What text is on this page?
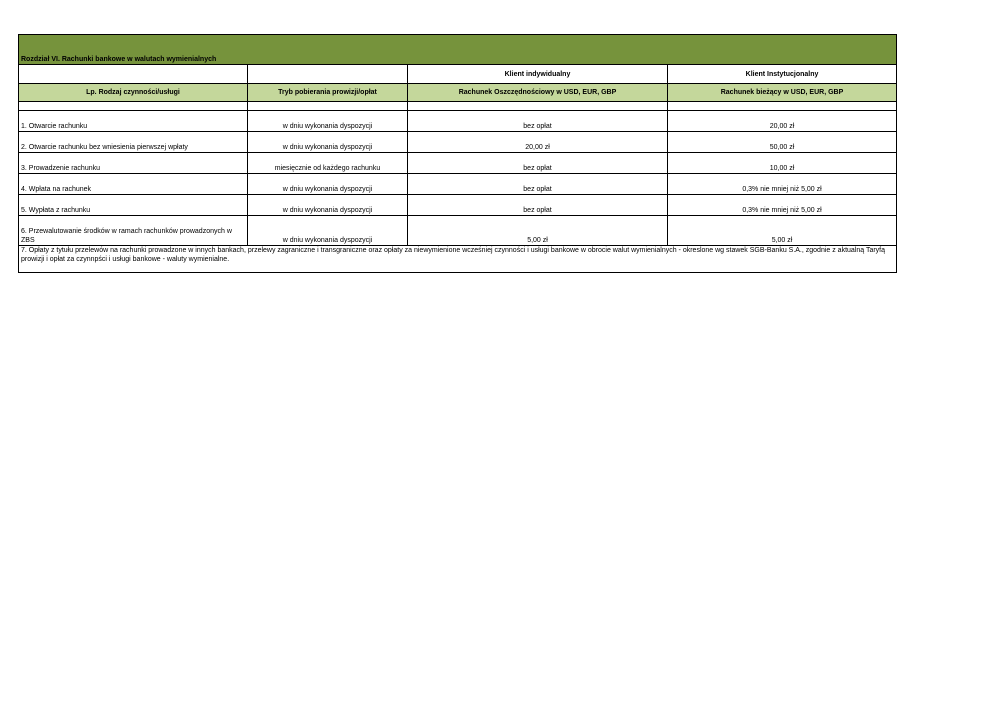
Rozdział VI. Rachunki bankowe w walutach wymienialnych			
		Klient indywidualny	Klient Instytucjonalny
Lp. Rodzaj czynności/usługi	Tryb pobierania prowizji/opłat	Rachunek Oszczędnościowy w USD, EUR, GBP	Rachunek bieżący w USD, EUR, GBP

1. Otwarcie rachunku	w dniu wykonania dyspozycji	bez opłat	20,00 zł
2. Otwarcie rachunku bez wniesienia pierwszej wpłaty	w dniu wykonania dyspozycji	20,00 zł	50,00 zł
3. Prowadzenie rachunku	miesięcznie od każdego rachunku	bez opłat	10,00 zł
4. Wpłata na rachunek	w dniu wykonania dyspozycji	bez opłat	0,3% nie mniej niż 5,00 zł
5. Wypłata z rachunku	w dniu wykonania dyspozycji	bez opłat	0,3% nie mniej niż 5,00 zł
6. Przewalutowanie środków w ramach rachunków prowadzonych w ZBS	w dniu wykonania dyspozycji	5,00 zł	5,00 zł
7. Opłaty z tytułu przelewów na rachunki prowadzone w innych bankach, przelewy zagraniczne i transgraniczne oraz opłaty za niewymienione wcześniej czynności i usługi bankowe w obrocie walut wymienialnych - okreslone wg stawek SGB-Banku S.A., zgodnie z aktualną Taryfą prowizji i opłat za czynnpści i usługi bankowe - waluty wymienialne.			
